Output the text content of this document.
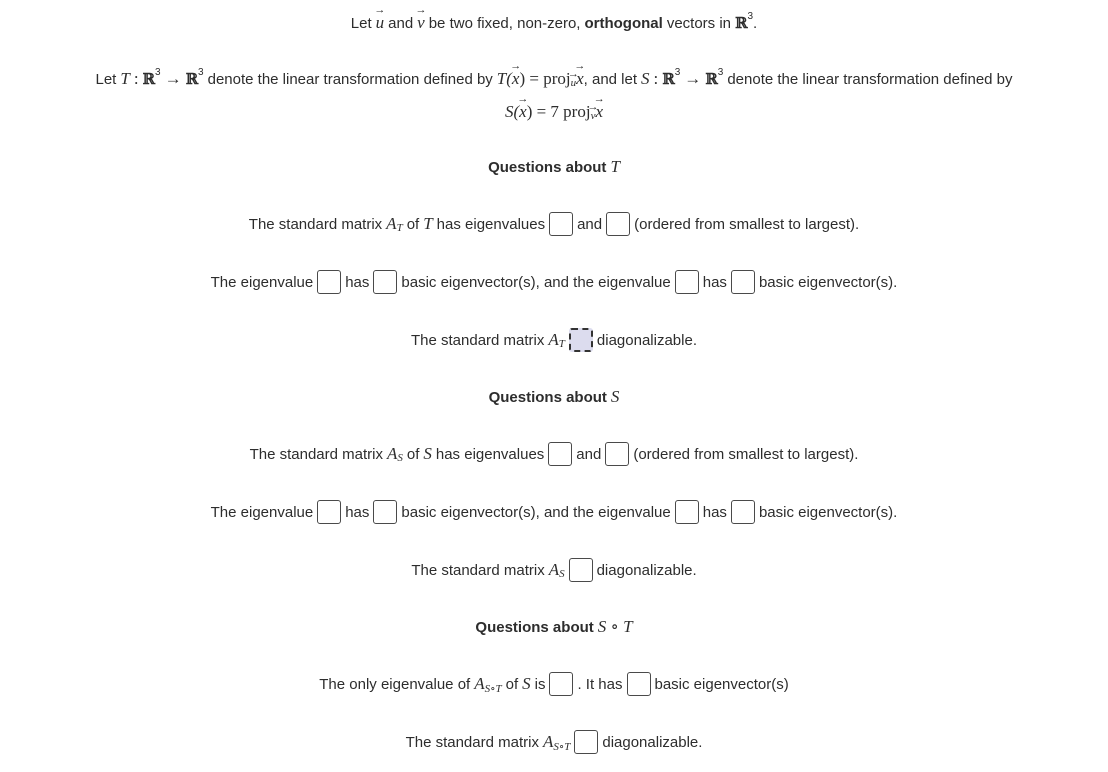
Let → u and → v be two fixed, non-zero, orthogonal vectors in ℝ 3 .
Let T : ℝ 3 → ℝ 3 denote the linear transformation defined by T( → x ) = proj → u → x , and let S : ℝ 3 → ℝ 3 denote the linear transformation defined by
S( → x ) = 7 proj → v → x
Questions about T
The standard matrix A T of T has eigenvalues and (ordered from smallest to largest).
The eigenvalue has basic eigenvector(s), and the eigenvalue has basic eigenvector(s).
The standard matrix A T diagonalizable.
Questions about S
The standard matrix A S of S has eigenvalues and (ordered from smallest to largest).
The eigenvalue has basic eigenvector(s), and the eigenvalue has basic eigenvector(s).
The standard matrix A S diagonalizable.
Questions about S ∘ T
The only eigenvalue of A S∘T of S is . It has basic eigenvector(s)
The standard matrix A S∘T diagonalizable.
